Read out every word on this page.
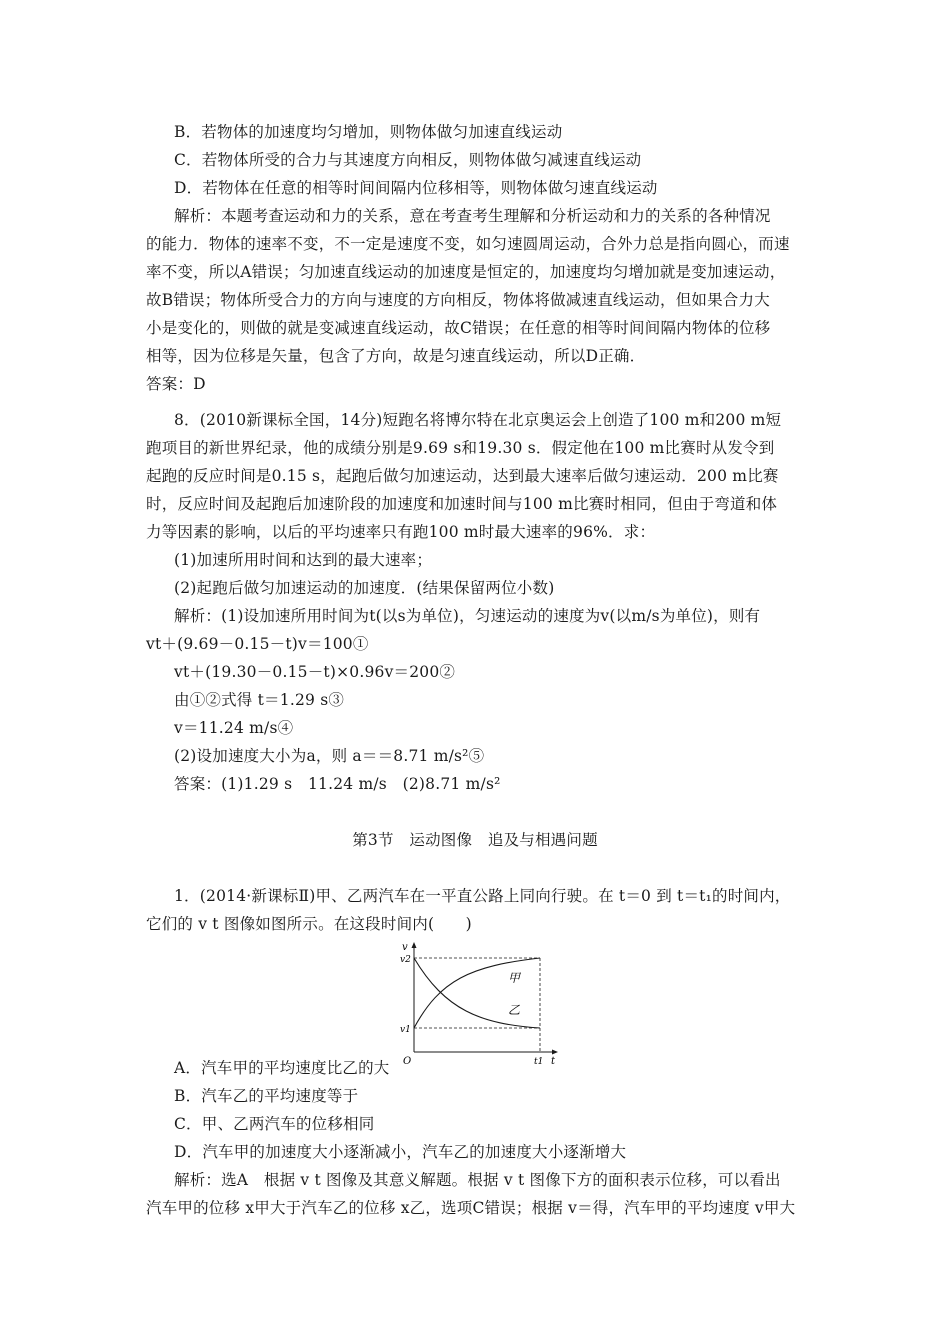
B．若物体的加速度均匀增加，则物体做匀加速直线运动
C．若物体所受的合力与其速度方向相反，则物体做匀减速直线运动
D．若物体在任意的相等时间间隔内位移相等，则物体做匀速直线运动
解析：本题考查运动和力的关系，意在考查考生理解和分析运动和力的关系的各种情况
的能力．物体的速率不变，不一定是速度不变，如匀速圆周运动，合外力总是指向圆心，而速
率不变，所以A错误；匀加速直线运动的加速度是恒定的，加速度均匀增加就是变加速运动，
故B错误；物体所受合力的方向与速度的方向相反，物体将做减速直线运动，但如果合力大
小是变化的，则做的就是变减速直线运动，故C错误；在任意的相等时间间隔内物体的位移
相等，因为位移是矢量，包含了方向，故是匀速直线运动，所以D正确．
答案：D
8．(2010新课标全国，14分)短跑名将博尔特在北京奥运会上创造了100 m和200 m短
跑项目的新世界纪录，他的成绩分别是9.69 s和19.30 s．假定他在100 m比赛时从发令到
起跑的反应时间是0.15 s，起跑后做匀加速运动，达到最大速率后做匀速运动．200 m比赛
时，反应时间及起跑后加速阶段的加速度和加速时间与100 m比赛时相同，但由于弯道和体
力等因素的影响，以后的平均速率只有跑100 m时最大速率的96%．求：
(1)加速所用时间和达到的最大速率；
(2)起跑后做匀加速运动的加速度．(结果保留两位小数)
解析：(1)设加速所用时间为t(以s为单位)，匀速运动的速度为v(以m/s为单位)，则有
vt＋(9.69－0.15－t)v＝100①
vt＋(19.30－0.15－t)×0.96v＝200②
由①②式得 t＝1.29 s③
v＝11.24 m/s④
(2)设加速度大小为a，则 a＝＝8.71 m/s²⑤
答案：(1)1.29 s　11.24 m/s　(2)8.71 m/s²
第3节　运动图像　追及与相遇问题
1．(2014·新课标Ⅱ)甲、乙两汽车在一平直公路上同向行驶。在 t＝0 到 t＝t₁的时间内，
它们的 v t 图像如图所示。在这段时间内(　　)
v
t
O
v2
v1
t1
甲
乙
A．汽车甲的平均速度比乙的大
B．汽车乙的平均速度等于
C．甲、乙两汽车的位移相同
D．汽车甲的加速度大小逐渐减小，汽车乙的加速度大小逐渐增大
解析：选A　根据 v t 图像及其意义解题。根据 v t 图像下方的面积表示位移，可以看出
汽车甲的位移 x甲大于汽车乙的位移 x乙，选项C错误；根据 v＝得，汽车甲的平均速度 v甲大
